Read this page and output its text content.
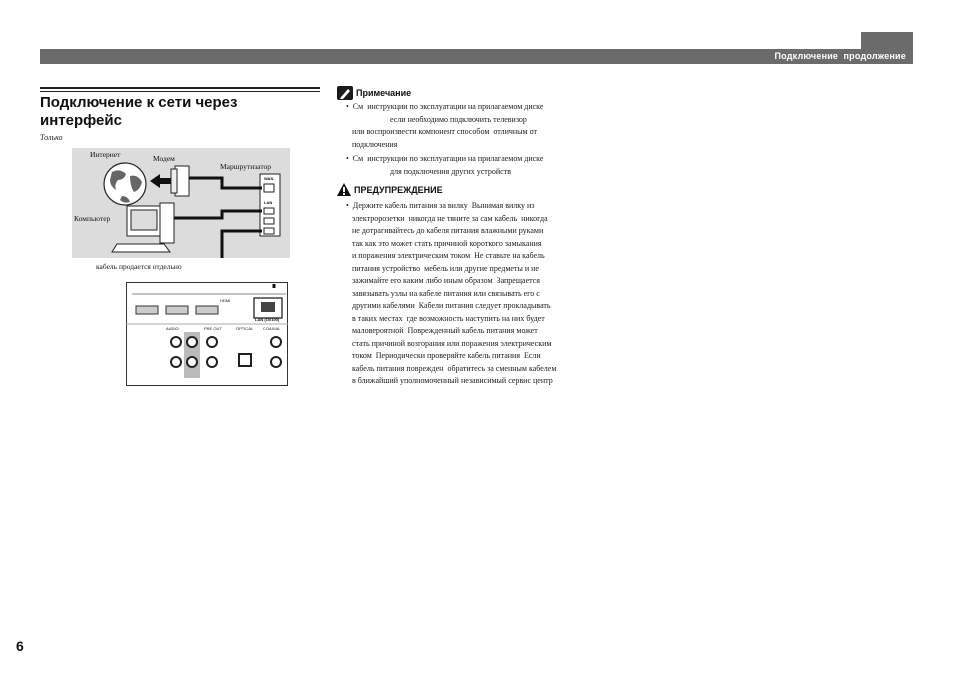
Подключение  продолжение
Подключение к сети через интерфейс
Только
Интернет	Модем
Маршрутизатор
Компьютер
кабель продается отдельно
Примечание
•  См  инструкции по эксплуатации на прилагаемом диске
если необходимо подключить телевизор
или воспроизвести компонент способом  отличным от
подключения
•  См  инструкции по эксплуатации на прилагаемом диске
для подключения других устройств
ПРЕДУПРЕЖДЕНИЕ
•  Держите кабель питания за вилку  Вынимая вилку из
электророзетки  никогда не тяните за сам кабель  никогда
не дотрагивайтесь до кабеля питания влажными руками
так как это может стать причиной короткого замыкания
и поражения электрическим током  Не ставьте на кабель
питания устройство  мебель или другие предметы и не
зажимайте его каким либо иным образом  Запрещается
завязывать узлы на кабеле питания или связывать его с
другими кабелями  Кабели питания следует прокладывать
в таких местах  где возможность наступить на них будет
маловероятной  Поврежденный кабель питания может
стать причиной возгорания или поражения электрическим
током  Периодически проверяйте кабель питания  Если
кабель питания поврежден  обратитесь за сменным кабелем
в ближайший уполномоченный независимый сервис центр
6
WAN
LAN
LAN (10/100)
HDMI
AUDIO	PRE OUT	OPTICAL COAXIAL
